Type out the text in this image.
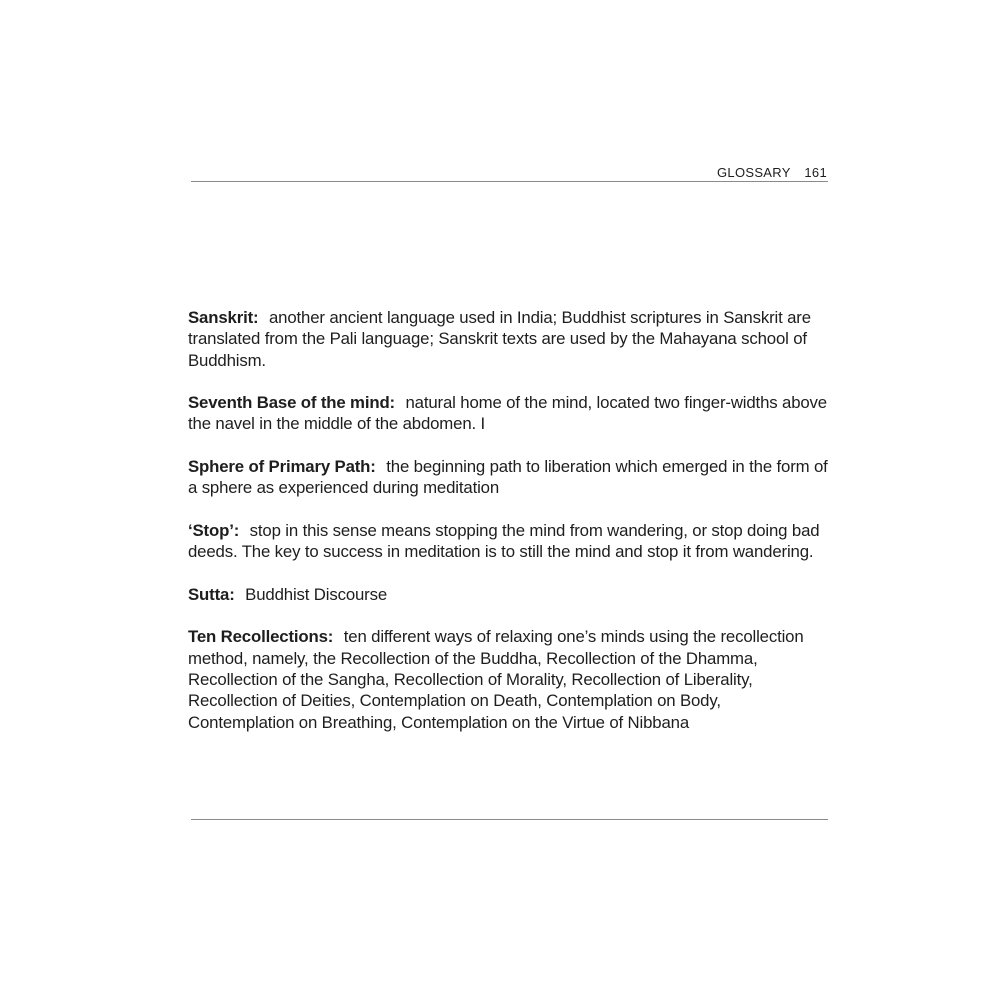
GLOSSARY 161

Sanskrit: another ancient language used in India; Buddhist scriptures in Sanskrit are translated from the Pali language; Sanskrit texts are used by the Mahayana school of Buddhism.

Seventh Base of the mind: natural home of the mind, located two finger-widths above the navel in the middle of the abdomen. I

Sphere of Primary Path: the beginning path to liberation which emerged in the form of a sphere as experienced during meditation

‘Stop’: stop in this sense means stopping the mind from wandering, or stop doing bad deeds. The key to success in meditation is to still the mind and stop it from wandering.

Sutta: Buddhist Discourse

Ten Recollections: ten different ways of relaxing one’s minds using the recollection method, namely, the Recollection of the Buddha, Recollection of the Dhamma, Recollection of the Sangha, Recollection of Morality, Recollection of Liberality, Recollection of Deities, Contemplation on Death, Contemplation on Body, Contemplation on Breathing, Contemplation on the Virtue of Nibbana
